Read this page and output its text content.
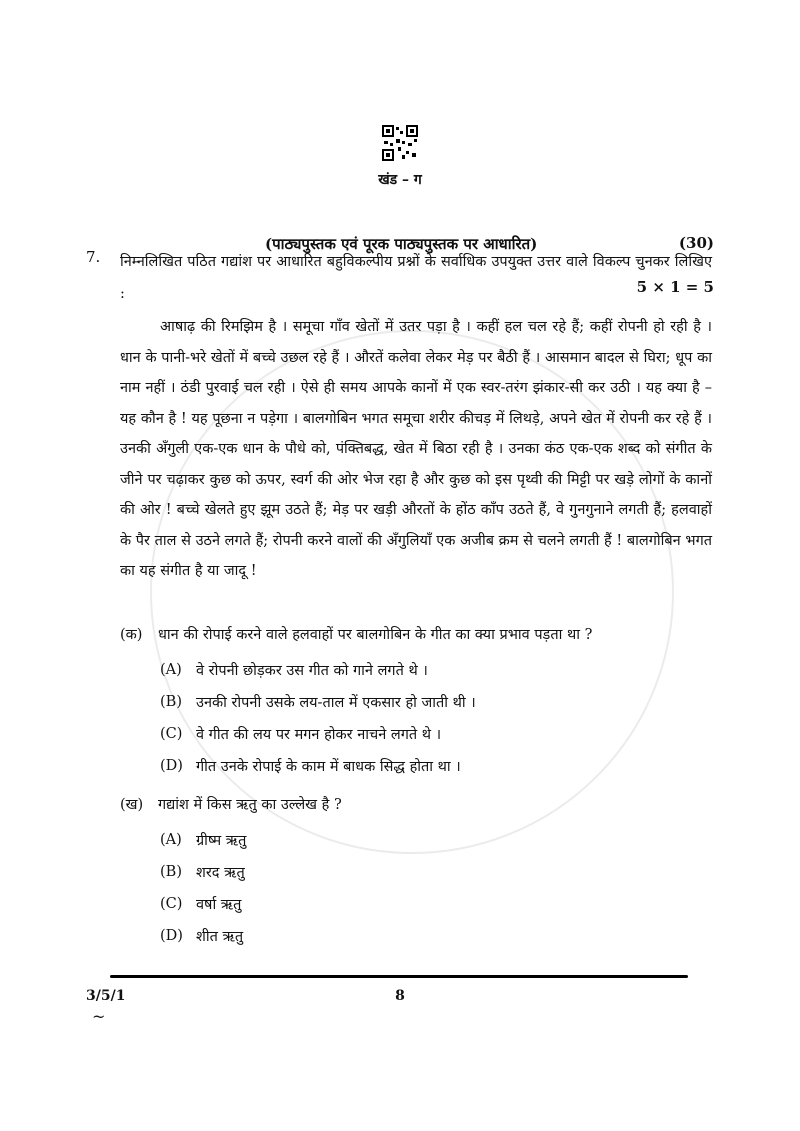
खंड – ग
(पाठ्यपुस्तक एवं पूरक पाठ्यपुस्तक पर आधारित)	(30)
7. निम्नलिखित पठित गद्यांश पर आधारित बहुविकल्पीय प्रश्नों के सर्वाधिक उपयुक्त उत्तर वाले विकल्प चुनकर लिखिए :	5 × 1 = 5

आषाढ़ की रिमझिम है । समूचा गाँव खेतों में उतर पड़ा है । कहीं हल चल रहे हैं; कहीं रोपनी हो रही है । धान के पानी-भरे खेतों में बच्चे उछल रहे हैं । औरतें कलेवा लेकर मेड़ पर बैठी हैं । आसमान बादल से घिरा; धूप का नाम नहीं । ठंडी पुरवाई चल रही । ऐसे ही समय आपके कानों में एक स्वर-तरंग झंकार-सी कर उठी । यह क्या है – यह कौन है ! यह पूछना न पड़ेगा । बालगोबिन भगत समूचा शरीर कीचड़ में लिथड़े, अपने खेत में रोपनी कर रहे हैं । उनकी अँगुली एक-एक धान के पौधे को, पंक्तिबद्ध, खेत में बिठा रही है । उनका कंठ एक-एक शब्द को संगीत के जीने पर चढ़ाकर कुछ को ऊपर, स्वर्ग की ओर भेज रहा है और कुछ को इस पृथ्वी की मिट्टी पर खड़े लोगों के कानों की ओर ! बच्चे खेलते हुए झूम उठते हैं; मेड़ पर खड़ी औरतों के होंठ काँप उठते हैं, वे गुनगुनाने लगती हैं; हलवाहों के पैर ताल से उठने लगते हैं; रोपनी करने वालों की अँगुलियाँ एक अजीब क्रम से चलने लगती हैं ! बालगोबिन भगत का यह संगीत है या जादू !

(क)	धान की रोपाई करने वाले हलवाहों पर बालगोबिन के गीत का क्या प्रभाव पड़ता था ?
(A) वे रोपनी छोड़कर उस गीत को गाने लगते थे ।
(B) उनकी रोपनी उसके लय-ताल में एकसार हो जाती थी ।
(C) वे गीत की लय पर मगन होकर नाचने लगते थे ।
(D) गीत उनके रोपाई के काम में बाधक सिद्ध होता था ।
(ख)	गद्यांश में किस ऋतु का उल्लेख है ?
(A) ग्रीष्म ऋतु
(B) शरद ऋतु
(C) वर्षा ऋतु
(D) शीत ऋतु
3/5/1	8
~
